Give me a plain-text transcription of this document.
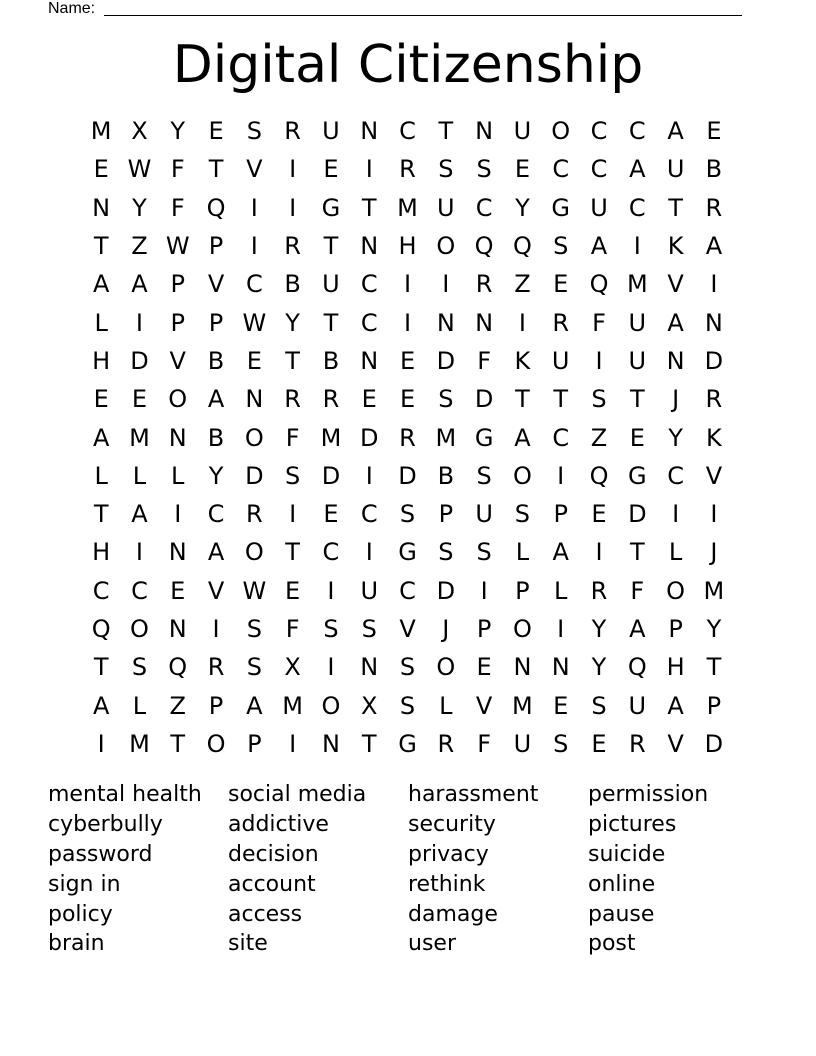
Name:
Digital Citizenship
M X Y E S R U N C T N U O C C A E
E W F	T V	I	E	I	R S S E C C A U B
N Y	F Q	I	I	G T M U C Y G U C T R
T Z W P	I	R T N H O Q Q S A	I	K A
A A P V C B U C	I	I	R Z E Q M V	I
L	I	P P W Y T C	I	N N	I	R F U A N
H D V B E T B N E D F K U	I	U N D
E E O A N R R E E S D T T S T	J	R
A M N B O F M D R M G A C Z E Y K
L	L	L	Y D S D	I	D B S O	I	Q G C V
T A	I	C R	I	E C S P U S P E D	I	I
H	I	N A O T C	I	G S S L A	I	T	L	J
C C E V W E	I	U C D	I	P	L R F O M
Q O N	I	S F S S V	J	P O	I	Y A P Y
T S Q R S X	I	N S O E N N Y Q H T
A L Z P A M O X S L V M E S U A P
I	M T O P	I	N T G R F U S E R V D
mental health	social media	harassment	permission
cyberbully	addictive	security	pictures
password	decision	privacy	suicide
sign in	account	rethink	online
policy	access	damage	pause
brain	site	user	post
